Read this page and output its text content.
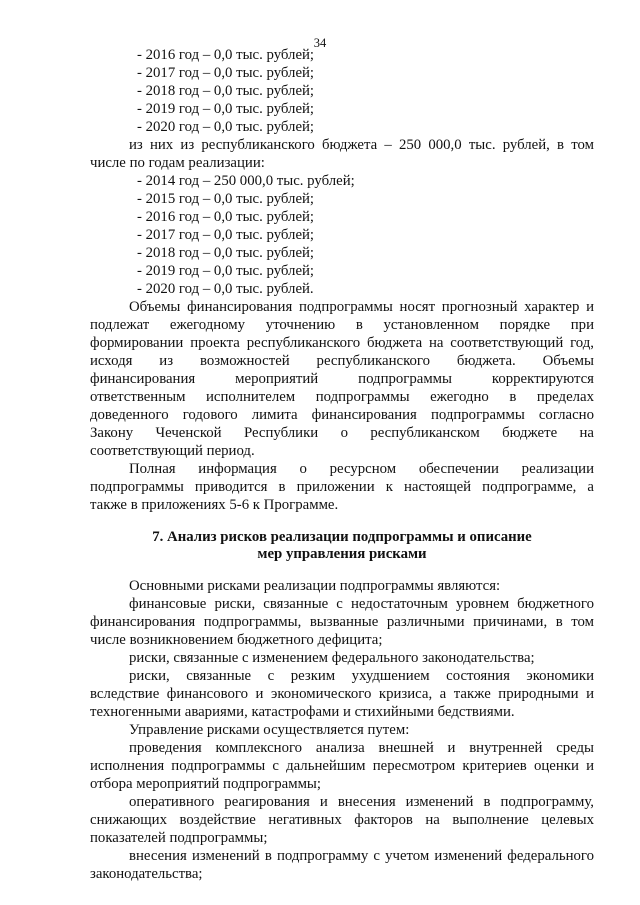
34
- 2016 год – 0,0 тыс. рублей;
- 2017 год – 0,0 тыс. рублей;
- 2018 год – 0,0 тыс. рублей;
- 2019 год – 0,0 тыс. рублей;
- 2020 год – 0,0 тыс. рублей;
из них из республиканского бюджета – 250 000,0 тыс. рублей, в том
числе по годам реализации:
- 2014 год – 250 000,0 тыс. рублей;
- 2015 год – 0,0 тыс. рублей;
- 2016 год – 0,0 тыс. рублей;
- 2017 год – 0,0 тыс. рублей;
- 2018 год – 0,0 тыс. рублей;
- 2019 год – 0,0 тыс. рублей;
- 2020 год – 0,0 тыс. рублей.
Объемы финансирования подпрограммы носят прогнозный характер и
подлежат ежегодному уточнению в установленном порядке при
формировании проекта республиканского бюджета на соответствующий год,
исходя из возможностей республиканского бюджета. Объемы
финансирования мероприятий подпрограммы корректируются
ответственным исполнителем подпрограммы ежегодно в пределах
доведенного годового лимита финансирования подпрограммы согласно
Закону Чеченской Республики о республиканском бюджете на
соответствующий период.
Полная информация о ресурсном обеспечении реализации
подпрограммы приводится в приложении к настоящей подпрограмме, а
также в приложениях 5-6 к Программе.
7. Анализ рисков реализации подпрограммы и описание
мер управления рисками
Основными рисками реализации подпрограммы являются:
финансовые риски, связанные с недостаточным уровнем бюджетного
финансирования подпрограммы, вызванные различными причинами, в том
числе возникновением бюджетного дефицита;
риски, связанные с изменением федерального законодательства;
риски, связанные с резким ухудшением состояния экономики
вследствие финансового и экономического кризиса, а также природными и
техногенными авариями, катастрофами и стихийными бедствиями.
Управление рисками осуществляется путем:
проведения комплексного анализа внешней и внутренней среды
исполнения подпрограммы с дальнейшим пересмотром критериев оценки и
отбора мероприятий подпрограммы;
оперативного реагирования и внесения изменений в подпрограмму,
снижающих воздействие негативных факторов на выполнение целевых
показателей подпрограммы;
внесения изменений в подпрограмму с учетом изменений федерального
законодательства;
